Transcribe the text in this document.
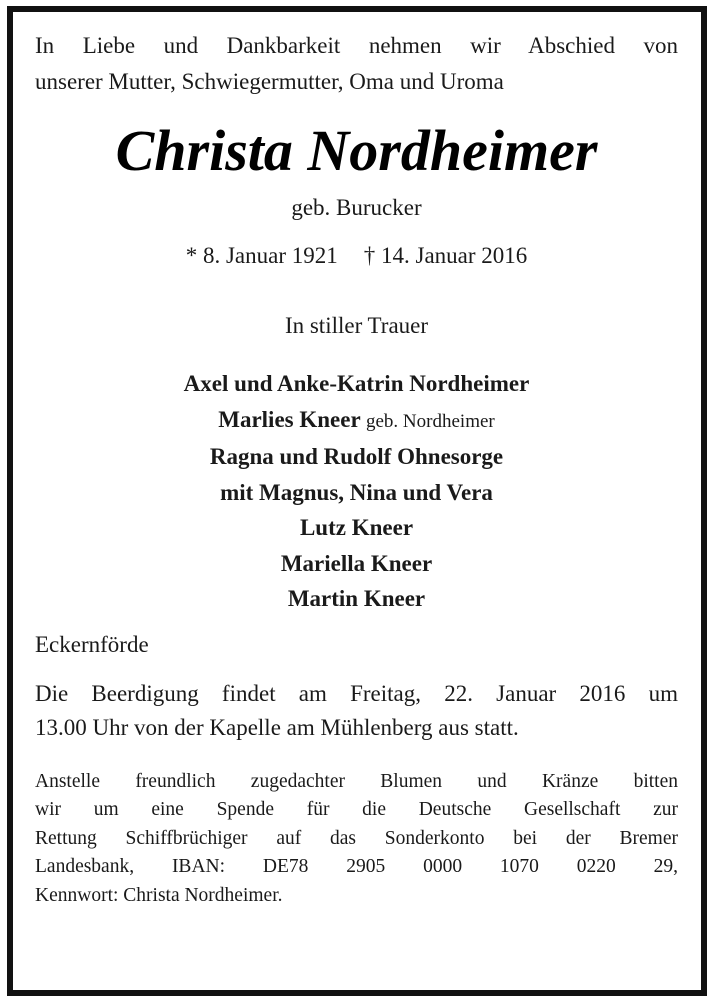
In Liebe und Dankbarkeit nehmen wir Abschied von
unserer Mutter, Schwiegermutter, Oma und Uroma

Christa Nordheimer
geb. Burucker
* 8. Januar 1921 † 14. Januar 2016
In stiller Trauer
Axel und Anke-Katrin Nordheimer
Marlies Kneer geb. Nordheimer
Ragna und Rudolf Ohnesorge
mit Magnus, Nina und Vera
Lutz Kneer
Mariella Kneer
Martin Kneer
Eckernförde

Die Beerdigung findet am Freitag, 22. Januar 2016 um
13.00 Uhr von der Kapelle am Mühlenberg aus statt.

Anstelle freundlich zugedachter Blumen und Kränze bitten
wir um eine Spende für die Deutsche Gesellschaft zur
Rettung Schiffbrüchiger auf das Sonderkonto bei der Bremer
Landesbank, IBAN: DE78 2905 0000 1070 0220 29,
Kennwort: Christa Nordheimer.
